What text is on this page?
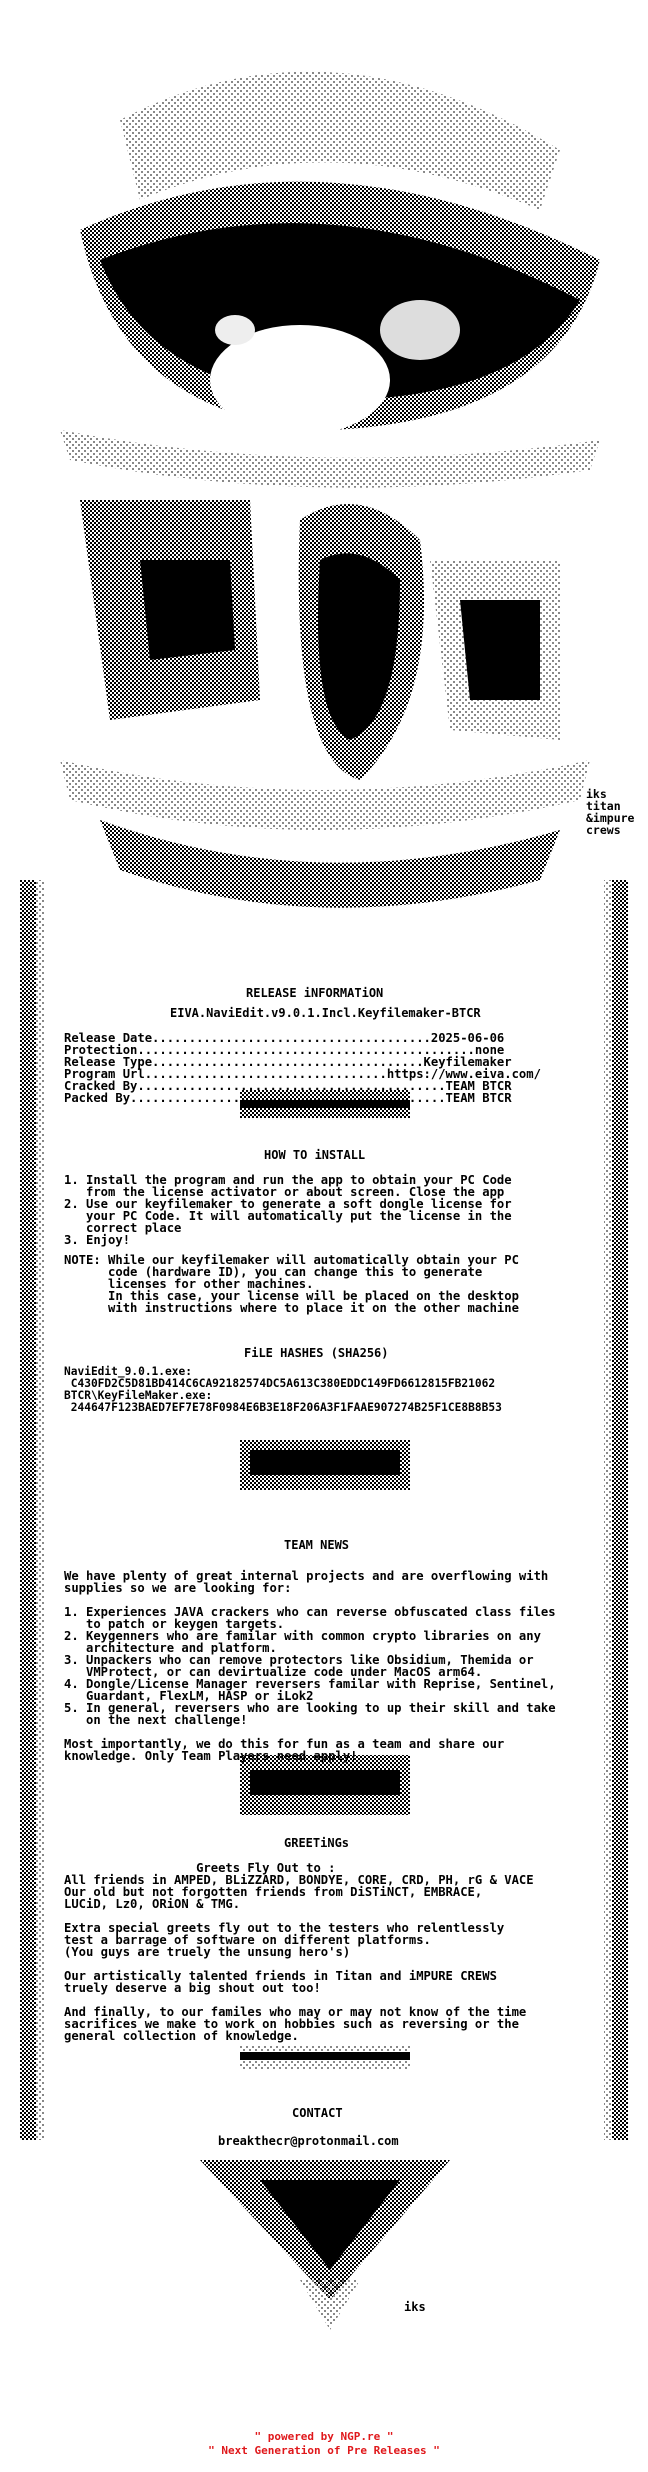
iks
titan
&impure
crews
RELEASE iNFORMATiON
EIVA.NaviEdit.v9.0.1.Incl.Keyfilemaker-BTCR
Release Date......................................2025-06-06
Protection..............................................none
Release Type.....................................Keyfilemaker
Program Url.................................https://www.eiva.com/
Cracked By..........................................TEAM BTCR
Packed By...........................................TEAM BTCR
HOW TO iNSTALL
1. Install the program and run the app to obtain your PC Code
from the license activator or about screen. Close the app
2. Use our keyfilemaker to generate a soft dongle license for
your PC Code. It will automatically put the license in the
correct place
3. Enjoy!
NOTE: While our keyfilemaker will automatically obtain your PC
code (hardware ID), you can change this to generate
licenses for other machines.
In this case, your license will be placed on the desktop
with instructions where to place it on the other machine
FiLE HASHES (SHA256)
NaviEdit_9.0.1.exe:
C430FD2C5D81BD414C6CA92182574DC5A613C380EDDC149FD6612815FB21062
BTCR\KeyFileMaker.exe:
244647F123BAED7EF7E78F0984E6B3E18F206A3F1FAAE907274B25F1CE8B8B53
TEAM NEWS
We have plenty of great internal projects and are overflowing with
supplies so we are looking for:

1. Experiences JAVA crackers who can reverse obfuscated class files
to patch or keygen targets.
2. Keygenners who are familar with common crypto libraries on any
architecture and platform.
3. Unpackers who can remove protectors like Obsidium, Themida or
VMProtect, or can devirtualize code under MacOS arm64.
4. Dongle/License Manager reversers familar with Reprise, Sentinel,
Guardant, FlexLM, HASP or iLok2
5. In general, reversers who are looking to up their skill and take
on the next challenge!

Most importantly, we do this for fun as a team and share our
knowledge. Only Team Players need apply!
GREETiNGs
Greets Fly Out to :
All friends in AMPED, BLiZZARD, BONDYE, CORE, CRD, PH, rG & VACE
Our old but not forgotten friends from DiSTiNCT, EMBRACE,
LUCiD, Lz0, ORiON & TMG.

Extra special greets fly out to the testers who relentlessly
test a barrage of software on different platforms.
(You guys are truely the unsung hero's)

Our artistically talented friends in Titan and iMPURE CREWS
truely deserve a big shout out too!

And finally, to our familes who may or may not know of the time
sacrifices we make to work on hobbies such as reversing or the
general collection of knowledge.
CONTACT
breakthecr@protonmail.com
iks
" powered by NGP.re "
" Next Generation of Pre Releases "
